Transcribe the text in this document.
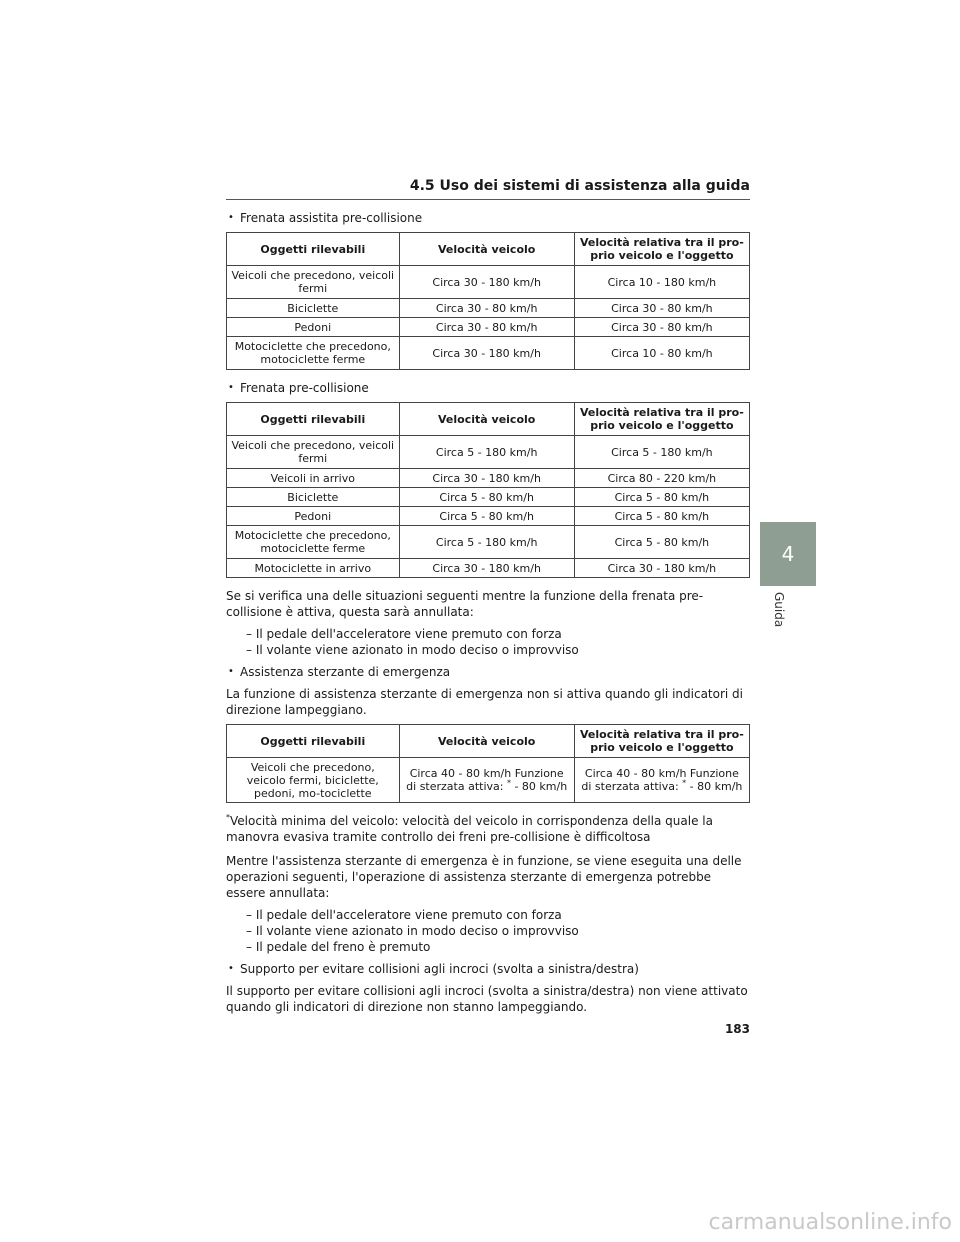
4.5 Uso dei sistemi di assistenza alla guida
• Frenata assistita pre-collisione
Oggetti rilevabili	Velocità veicolo	Velocità relativa tra il pro-
prio veicolo e l'oggetto
Veicoli che precedono, veicoli fermi	Circa 30 - 180 km/h	Circa 10 - 180 km/h
Biciclette	Circa 30 - 80 km/h	Circa 30 - 80 km/h
Pedoni	Circa 30 - 80 km/h	Circa 30 - 80 km/h
Motociclette che precedono, motociclette ferme	Circa 30 - 180 km/h	Circa 10 - 80 km/h
• Frenata pre-collisione
Oggetti rilevabili	Velocità veicolo	Velocità relativa tra il pro-
prio veicolo e l'oggetto
Veicoli che precedono, veicoli fermi	Circa 5 - 180 km/h	Circa 5 - 180 km/h
Veicoli in arrivo	Circa 30 - 180 km/h	Circa 80 - 220 km/h
Biciclette	Circa 5 - 80 km/h	Circa 5 - 80 km/h
Pedoni	Circa 5 - 80 km/h	Circa 5 - 80 km/h
Motociclette che precedono, motociclette ferme	Circa 5 - 180 km/h	Circa 5 - 80 km/h
Motociclette in arrivo	Circa 30 - 180 km/h	Circa 30 - 180 km/h

Se si verifica una delle situazioni seguenti mentre la funzione della frenata pre-collisione è attiva, questa sarà annullata:

– Il pedale dell'acceleratore viene premuto con forza
– Il volante viene azionato in modo deciso o improvviso
• Assistenza sterzante di emergenza

La funzione di assistenza sterzante di emergenza non si attiva quando gli indicatori di direzione lampeggiano.

Oggetti rilevabili	Velocità veicolo	Velocità relativa tra il pro-
prio veicolo e l'oggetto
Veicoli che precedono, veicolo fermi, biciclette, pedoni, mo-tociclette	Circa 40 - 80 km/h Funzione di sterzata attiva: * - 80 km/h	Circa 40 - 80 km/h Funzione di sterzata attiva: * - 80 km/h

*Velocità minima del veicolo: velocità del veicolo in corrispondenza della quale la manovra evasiva tramite controllo dei freni pre-collisione è difficoltosa

Mentre l'assistenza sterzante di emergenza è in funzione, se viene eseguita una delle operazioni seguenti, l'operazione di assistenza sterzante di emergenza potrebbe essere annullata:

– Il pedale dell'acceleratore viene premuto con forza
– Il volante viene azionato in modo deciso o improvviso
– Il pedale del freno è premuto
• Supporto per evitare collisioni agli incroci (svolta a sinistra/destra)

Il supporto per evitare collisioni agli incroci (svolta a sinistra/destra) non viene attivato quando gli indicatori di direzione non stanno lampeggiando.

4
Guida
183
carmanualsonline.info
